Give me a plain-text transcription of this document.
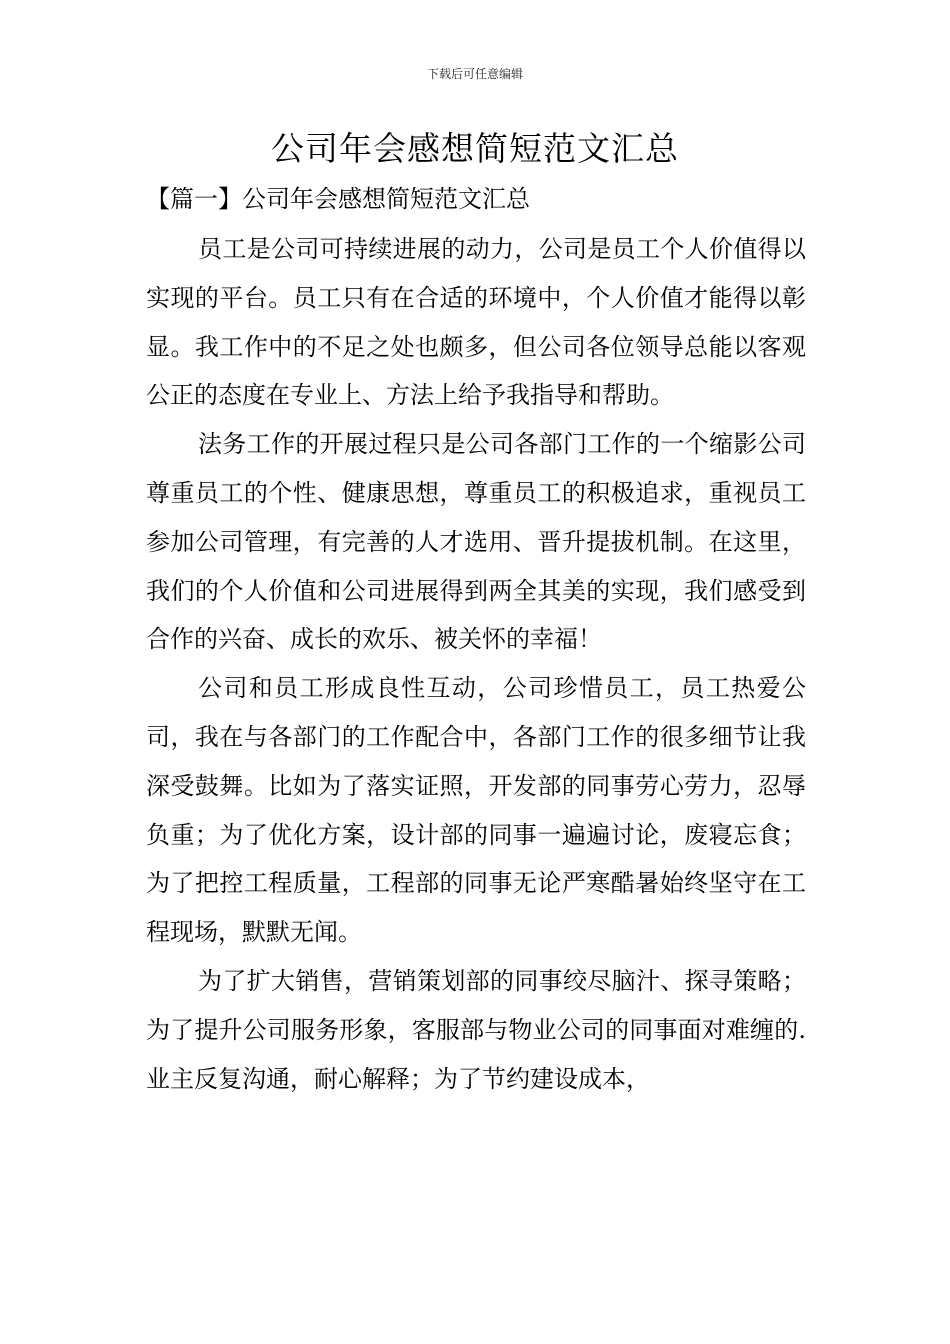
下载后可任意编辑
公司年会感想简短范文汇总
【篇一】公司年会感想简短范文汇总

员工是公司可持续进展的动力，公司是员工个人价值得以实现的平台。员工只有在合适的环境中，个人价值才能得以彰显。我工作中的不足之处也颇多，但公司各位领导总能以客观公正的态度在专业上、方法上给予我指导和帮助。

法务工作的开展过程只是公司各部门工作的一个缩影公司尊重员工的个性、健康思想，尊重员工的积极追求，重视员工参加公司管理，有完善的人才选用、晋升提拔机制。在这里，我们的个人价值和公司进展得到两全其美的实现，我们感受到合作的兴奋、成长的欢乐、被关怀的幸福！

公司和员工形成良性互动，公司珍惜员工，员工热爱公司，我在与各部门的工作配合中，各部门工作的很多细节让我深受鼓舞。比如为了落实证照，开发部的同事劳心劳力，忍辱负重；为了优化方案，设计部的同事一遍遍讨论，废寝忘食；为了把控工程质量，工程部的同事无论严寒酷暑始终坚守在工程现场，默默无闻。

为了扩大销售，营销策划部的同事绞尽脑汁、探寻策略；为了提升公司服务形象，客服部与物业公司的同事面对难缠的.业主反复沟通，耐心解释；为了节约建设成本，
